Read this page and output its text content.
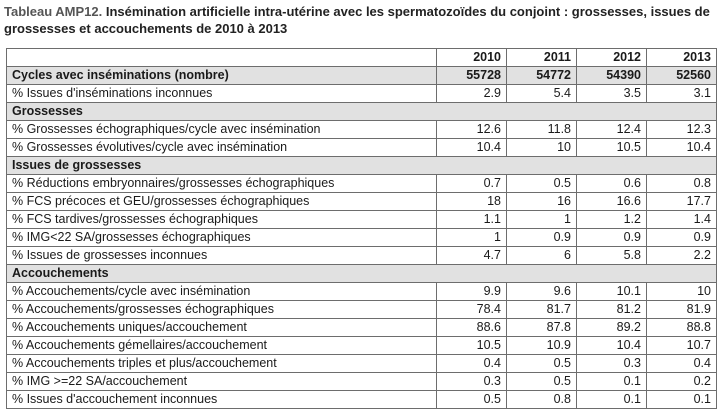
Tableau AMP12. Insémination artificielle intra-utérine avec les spermatozoïdes du conjoint : grossesses, issues de grossesses et accouchements de 2010 à 2013
	2010	2011	2012	2013
Cycles avec inséminations (nombre)	55728	54772	54390	52560
% Issues d'inséminations inconnues	2.9	5.4	3.5	3.1
Grossesses				
% Grossesses échographiques/cycle avec insémination	12.6	11.8	12.4	12.3
% Grossesses évolutives/cycle avec insémination	10.4	10	10.5	10.4
Issues de grossesses				
% Réductions embryonnaires/grossesses échographiques	0.7	0.5	0.6	0.8
% FCS précoces et GEU/grossesses échographiques	18	16	16.6	17.7
% FCS tardives/grossesses échographiques	1.1	1	1.2	1.4
% IMG<22 SA/grossesses échographiques	1	0.9	0.9	0.9
% Issues de grossesses inconnues	4.7	6	5.8	2.2
Accouchements				
% Accouchements/cycle avec insémination	9.9	9.6	10.1	10
% Accouchements/grossesses échographiques	78.4	81.7	81.2	81.9
% Accouchements uniques/accouchement	88.6	87.8	89.2	88.8
% Accouchements gémellaires/accouchement	10.5	10.9	10.4	10.7
% Accouchements triples et plus/accouchement	0.4	0.5	0.3	0.4
% IMG >=22 SA/accouchement	0.3	0.5	0.1	0.2
% Issues d'accouchement inconnues	0.5	0.8	0.1	0.1
